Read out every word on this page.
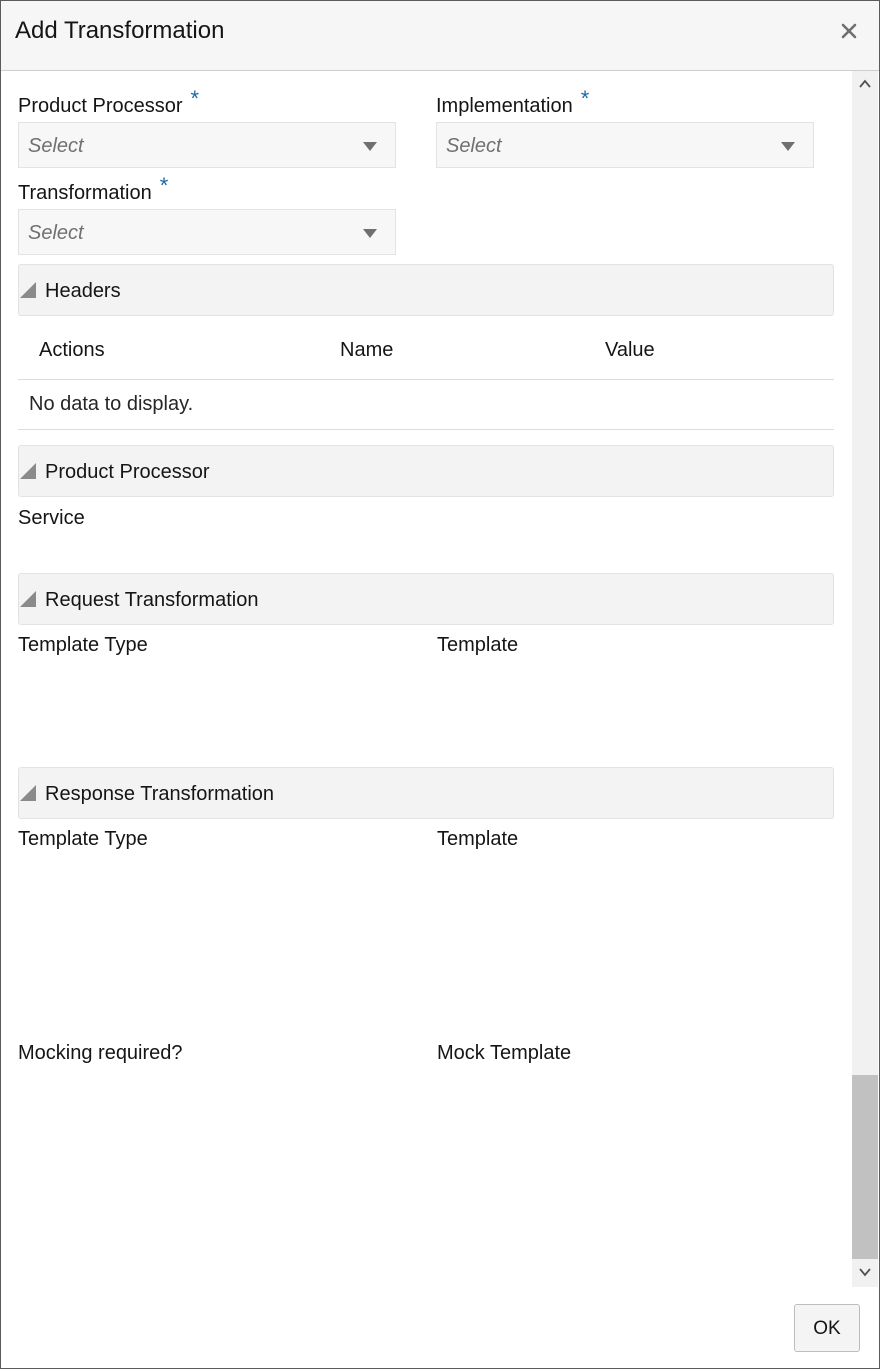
Add Transformation
Product Processor *
Select
Implementation *
Select
Transformation *
Select
Headers
Actions	Name	Value
No data to display.
Product Processor
Service
Request Transformation
Template Type	Template
Response Transformation
Template Type	Template
Mocking required?	Mock Template
OK
